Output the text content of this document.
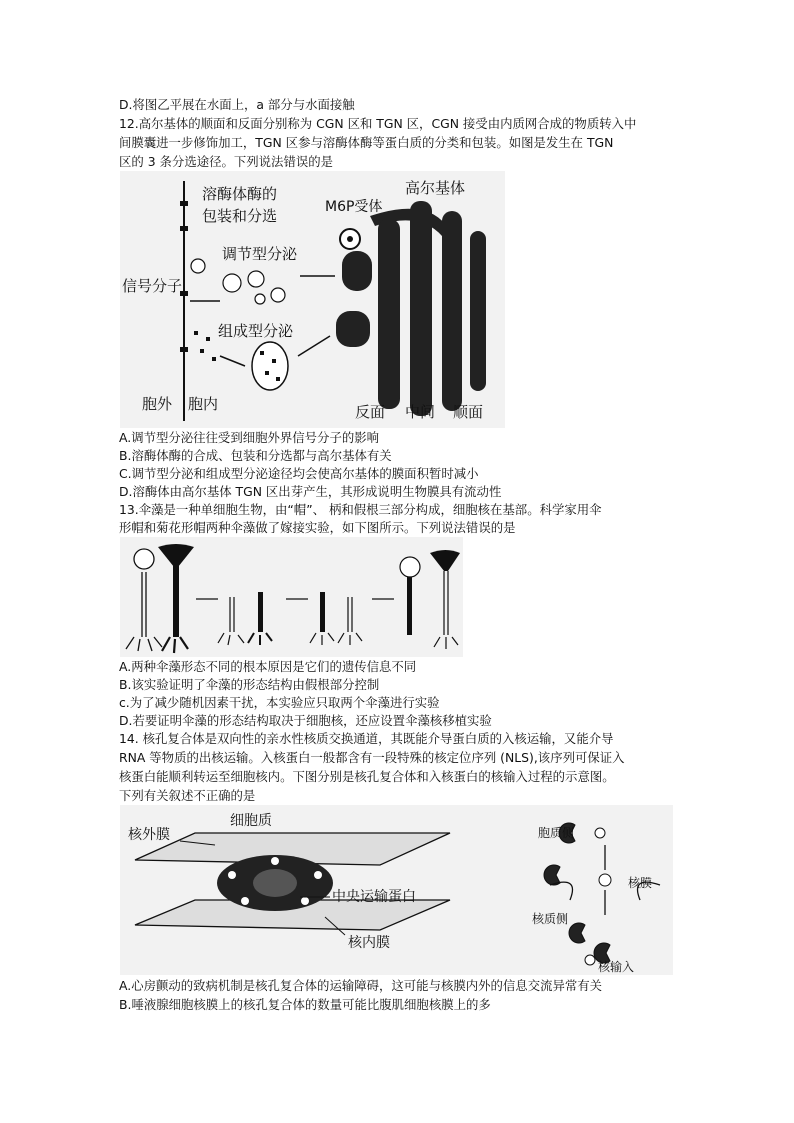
D.将图乙平展在水面上，a 部分与水面接触
12.高尔基体的顺面和反面分别称为 CGN 区和 TGN 区，CGN 接受由内质网合成的物质转入中
间膜囊进一步修饰加工，TGN 区参与溶酶体酶等蛋白质的分类和包装。如图是发生在 TGN
区的 3 条分选途径。下列说法错误的是
溶酶体酶的
包装和分选	M6P受体
高尔基体
调节型分泌
信号分子
组成型分泌
胞外 胞内	反面 中间 顺面
A.调节型分泌往往受到细胞外界信号分子的影响
B.溶酶体酶的合成、包装和分选都与高尔基体有关
C.调节型分泌和组成型分泌途径均会使高尔基体的膜面积暂时减小
D.溶酶体由高尔基体 TGN 区出芽产生，其形成说明生物膜具有流动性
13.伞藻是一种单细胞生物，由“帽”、 柄和假根三部分构成，细胞核在基部。科学家用伞
形帽和菊花形帽两种伞藻做了嫁接实验，如下图所示。下列说法错误的是
A.两种伞藻形态不同的根本原因是它们的遗传信息不同
B.该实验证明了伞藻的形态结构由假根部分控制
c.为了减少随机因素干扰，本实验应只取两个伞藻进行实验
D.若要证明伞藻的形态结构取决于细胞核，还应设置伞藻核移植实验
14. 核孔复合体是双向性的亲水性核质交换通道，其既能介导蛋白质的入核运输，又能介导
RNA 等物质的出核运输。入核蛋白一般都含有一段特殊的核定位序列 (NLS),该序列可保证入
核蛋白能顺利转运至细胞核内。下图分别是核孔复合体和入核蛋白的核输入过程的示意图。
下列有关叙述不正确的是
核外膜
细胞质
中央运输蛋白
核内膜
胞质侧
核膜
核质侧
核输入
A.心房颤动的致病机制是核孔复合体的运输障碍，这可能与核膜内外的信息交流异常有关
B.唾液腺细胞核膜上的核孔复合体的数量可能比腹肌细胞核膜上的多
